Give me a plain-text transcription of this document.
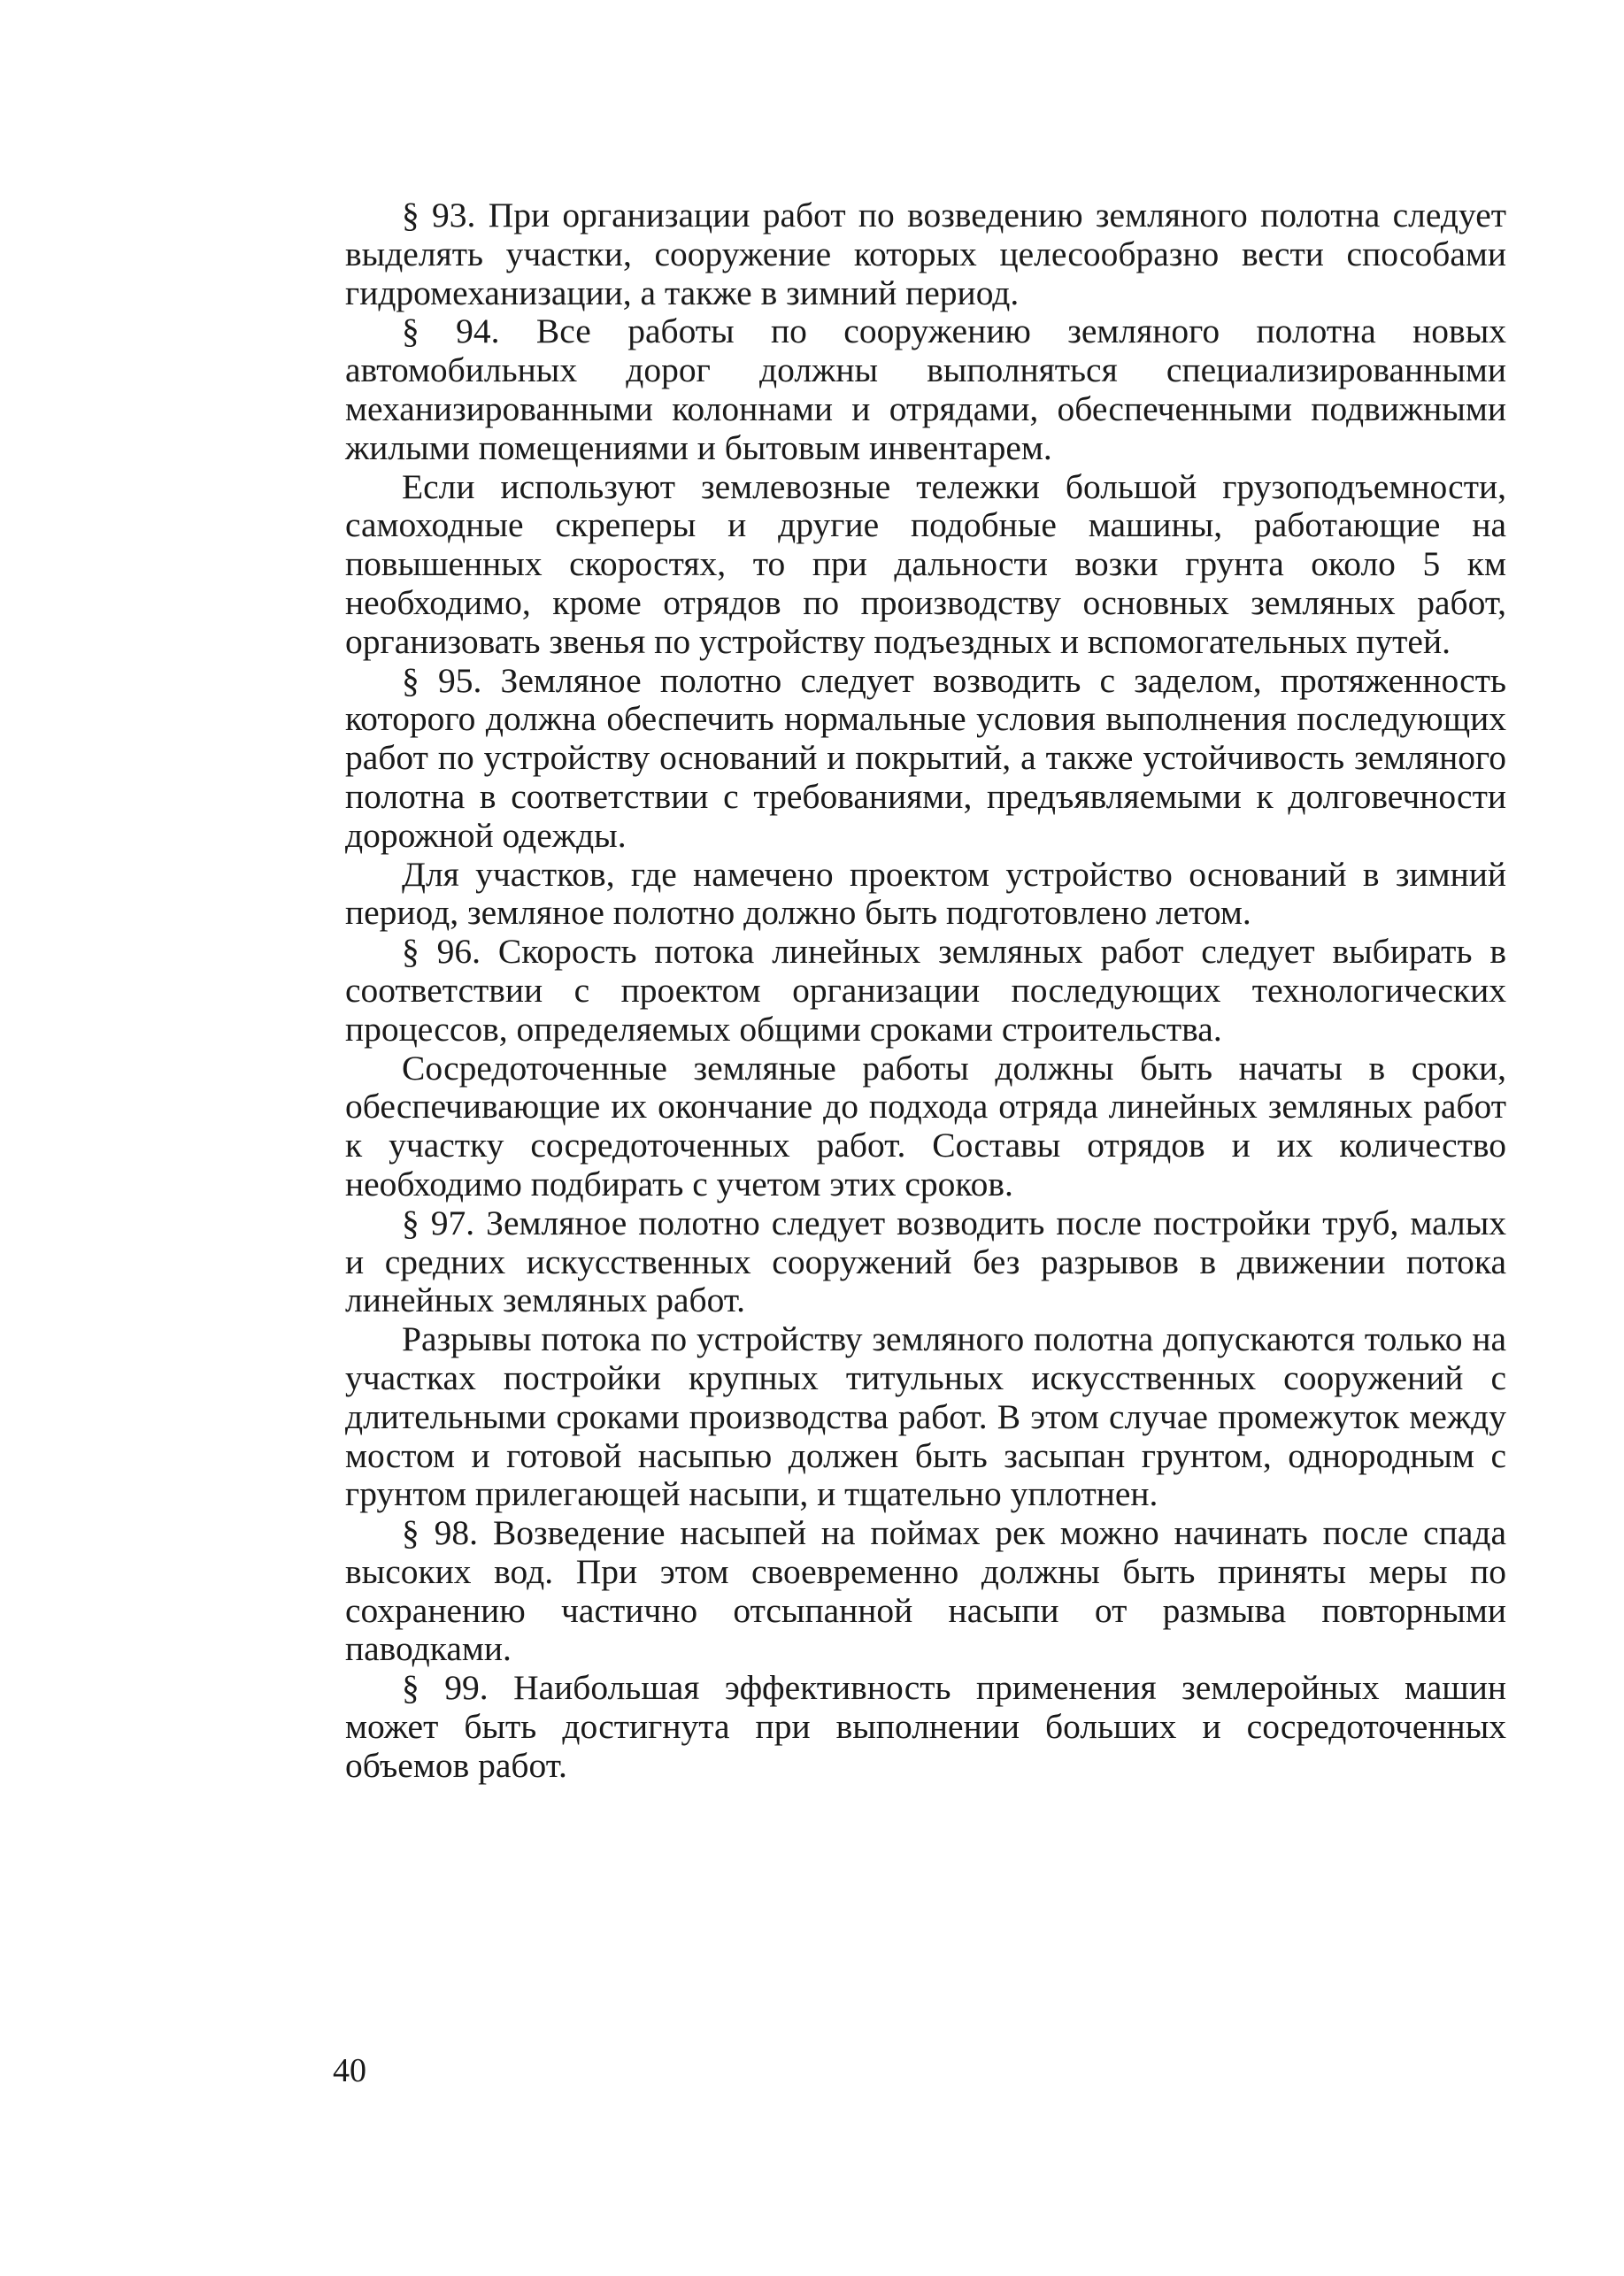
§ 93. При организации работ по возведению земляного полотна следует выделять участки, сооружение которых целесообразно вести способами гидромеханизации, а также в зимний период.

§ 94. Все работы по сооружению земляного полотна новых автомобильных дорог должны выполняться специализированными механизированными колоннами и отрядами, обеспеченными подвижными жилыми помещениями и бытовым инвентарем.

Если используют землевозные тележки большой грузоподъемности, самоходные скреперы и другие подобные машины, работающие на повышенных скоростях, то при дальности возки грунта около 5 км необходимо, кроме отрядов по производству основных земляных работ, организовать звенья по устройству подъездных и вспомогательных путей.

§ 95. Земляное полотно следует возводить с заделом, протяженность которого должна обеспечить нормальные условия выполнения последующих работ по устройству оснований и покрытий, а также устойчивость земляного полотна в соответствии с требованиями, предъявляемыми к долговечности дорожной одежды.

Для участков, где намечено проектом устройство оснований в зимний период, земляное полотно должно быть подготовлено летом.

§ 96. Скорость потока линейных земляных работ следует выбирать в соответствии с проектом организации последующих технологических процессов, определяемых общими сроками строительства.

Сосредоточенные земляные работы должны быть начаты в сроки, обеспечивающие их окончание до подхода отряда линейных земляных работ к участку сосредоточенных работ. Составы отрядов и их количество необходимо подбирать с учетом этих сроков.

§ 97. Земляное полотно следует возводить после постройки труб, малых и средних искусственных сооружений без разрывов в движении потока линейных земляных работ.

Разрывы потока по устройству земляного полотна допускаются только на участках постройки крупных титульных искусственных сооружений с длительными сроками производства работ. В этом случае промежуток между мостом и готовой насыпью должен быть засыпан грунтом, однородным с грунтом прилегающей насыпи, и тщательно уплотнен.

§ 98. Возведение насыпей на поймах рек можно начинать после спада высоких вод. При этом своевременно должны быть приняты меры по сохранению частично отсыпанной насыпи от размыва повторными паводками.

§ 99. Наибольшая эффективность применения землеройных машин может быть достигнута при выполнении больших и сосредоточенных объемов работ.

40
